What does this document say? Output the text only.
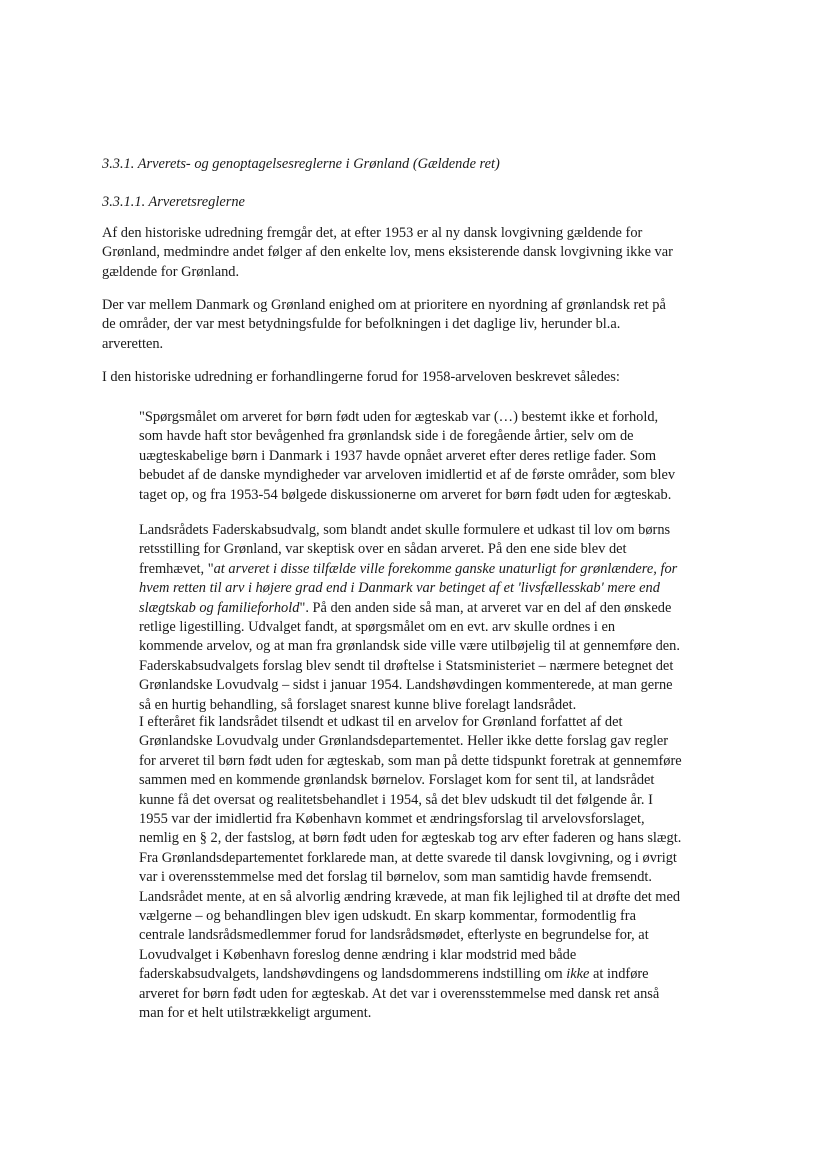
3.3.1. Arverets- og genoptagelsesreglerne i Grønland (Gældende ret)
3.3.1.1. Arveretsreglerne

Af den historiske udredning fremgår det, at efter 1953 er al ny dansk lovgivning gældende for
Grønland, medmindre andet følger af den enkelte lov, mens eksisterende dansk lovgivning ikke var
gældende for Grønland.

Der var mellem Danmark og Grønland enighed om at prioritere en nyordning af grønlandsk ret på
de områder, der var mest betydningsfulde for befolkningen i det daglige liv, herunder bl.a.
arveretten.

I den historiske udredning er forhandlingerne forud for 1958-arveloven beskrevet således:

"Spørgsmålet om arveret for børn født uden for ægteskab var (…) bestemt ikke et forhold,
som havde haft stor bevågenhed fra grønlandsk side i de foregående årtier, selv om de
uægteskabelige børn i Danmark i 1937 havde opnået arveret efter deres retlige fader. Som
bebudet af de danske myndigheder var arveloven imidlertid et af de første områder, som blev
taget op, og fra 1953-54 bølgede diskussionerne om arveret for børn født uden for ægteskab.

Landsrådets Faderskabsudvalg, som blandt andet skulle formulere et udkast til lov om børns
retsstilling for Grønland, var skeptisk over en sådan arveret. På den ene side blev det
fremhævet, "at arveret i disse tilfælde ville forekomme ganske unaturligt for grønlændere, for
hvem retten til arv i højere grad end i Danmark var betinget af et 'livsfællesskab' mere end
slægtskab og familieforhold". På den anden side så man, at arveret var en del af den ønskede
retlige ligestilling. Udvalget fandt, at spørgsmålet om en evt. arv skulle ordnes i en
kommende arvelov, og at man fra grønlandsk side ville være utilbøjelig til at gennemføre den.
Faderskabsudvalgets forslag blev sendt til drøftelse i Statsministeriet – nærmere betegnet det
Grønlandske Lovudvalg – sidst i januar 1954. Landshøvdingen kommenterede, at man gerne
så en hurtig behandling, så forslaget snarest kunne blive forelagt landsrådet.

I efteråret fik landsrådet tilsendt et udkast til en arvelov for Grønland forfattet af det
Grønlandske Lovudvalg under Grønlandsdepartementet. Heller ikke dette forslag gav regler
for arveret til børn født uden for ægteskab, som man på dette tidspunkt foretrak at gennemføre
sammen med en kommende grønlandsk børnelov. Forslaget kom for sent til, at landsrådet
kunne få det oversat og realitetsbehandlet i 1954, så det blev udskudt til det følgende år. I
1955 var der imidlertid fra København kommet et ændringsforslag til arvelovsforslaget,
nemlig en § 2, der fastslog, at børn født uden for ægteskab tog arv efter faderen og hans slægt.
Fra Grønlandsdepartementet forklarede man, at dette svarede til dansk lovgivning, og i øvrigt
var i overensstemmelse med det forslag til børnelov, som man samtidig havde fremsendt.
Landsrådet mente, at en så alvorlig ændring krævede, at man fik lejlighed til at drøfte det med
vælgerne – og behandlingen blev igen udskudt. En skarp kommentar, formodentlig fra
centrale landsrådsmedlemmer forud for landsrådsmødet, efterlyste en begrundelse for, at
Lovudvalget i København foreslog denne ændring i klar modstrid med både
faderskabsudvalgets, landshøvdingens og landsdommerens indstilling om ikke at indføre
arveret for børn født uden for ægteskab. At det var i overensstemmelse med dansk ret anså
man for et helt utilstrækkeligt argument.
